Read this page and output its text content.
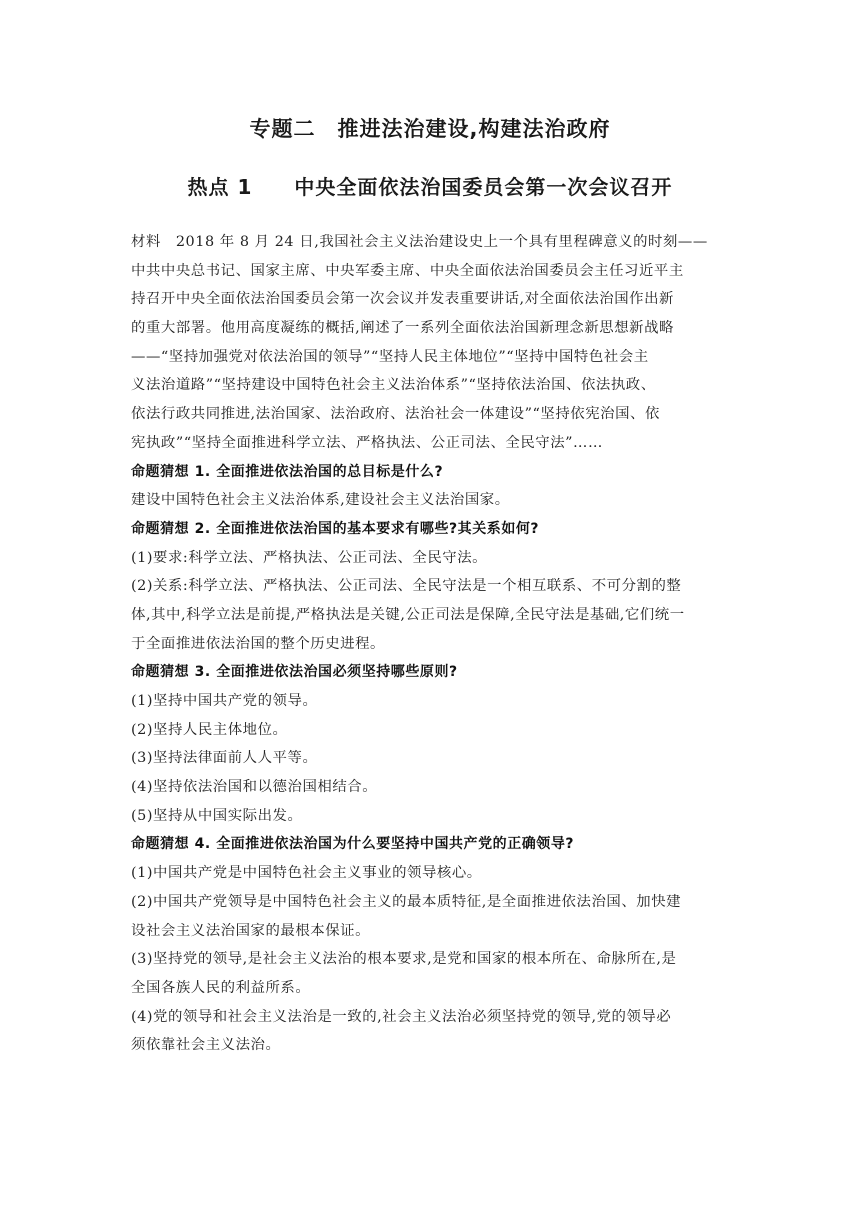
专题二　推进法治建设,构建法治政府
热点 1　　中央全面依法治国委员会第一次会议召开
材料　2018 年 8 月 24 日,我国社会主义法治建设史上一个具有里程碑意义的时刻——
中共中央总书记、国家主席、中央军委主席、中央全面依法治国委员会主任习近平主
持召开中央全面依法治国委员会第一次会议并发表重要讲话,对全面依法治国作出新
的重大部署。他用高度凝练的概括,阐述了一系列全面依法治国新理念新思想新战略
——“坚持加强党对依法治国的领导”“坚持人民主体地位”“坚持中国特色社会主
义法治道路”“坚持建设中国特色社会主义法治体系”“坚持依法治国、依法执政、
依法行政共同推进,法治国家、法治政府、法治社会一体建设”“坚持依宪治国、依
宪执政”“坚持全面推进科学立法、严格执法、公正司法、全民守法”……
命题猜想 1. 全面推进依法治国的总目标是什么?
建设中国特色社会主义法治体系,建设社会主义法治国家。
命题猜想 2. 全面推进依法治国的基本要求有哪些?其关系如何?
(1)要求:科学立法、严格执法、公正司法、全民守法。
(2)关系:科学立法、严格执法、公正司法、全民守法是一个相互联系、不可分割的整
体,其中,科学立法是前提,严格执法是关键,公正司法是保障,全民守法是基础,它们统一
于全面推进依法治国的整个历史进程。
命题猜想 3. 全面推进依法治国必须坚持哪些原则?
(1)坚持中国共产党的领导。
(2)坚持人民主体地位。
(3)坚持法律面前人人平等。
(4)坚持依法治国和以德治国相结合。
(5)坚持从中国实际出发。
命题猜想 4. 全面推进依法治国为什么要坚持中国共产党的正确领导?
(1)中国共产党是中国特色社会主义事业的领导核心。
(2)中国共产党领导是中国特色社会主义的最本质特征,是全面推进依法治国、加快建
设社会主义法治国家的最根本保证。
(3)坚持党的领导,是社会主义法治的根本要求,是党和国家的根本所在、命脉所在,是
全国各族人民的利益所系。
(4)党的领导和社会主义法治是一致的,社会主义法治必须坚持党的领导,党的领导必
须依靠社会主义法治。
